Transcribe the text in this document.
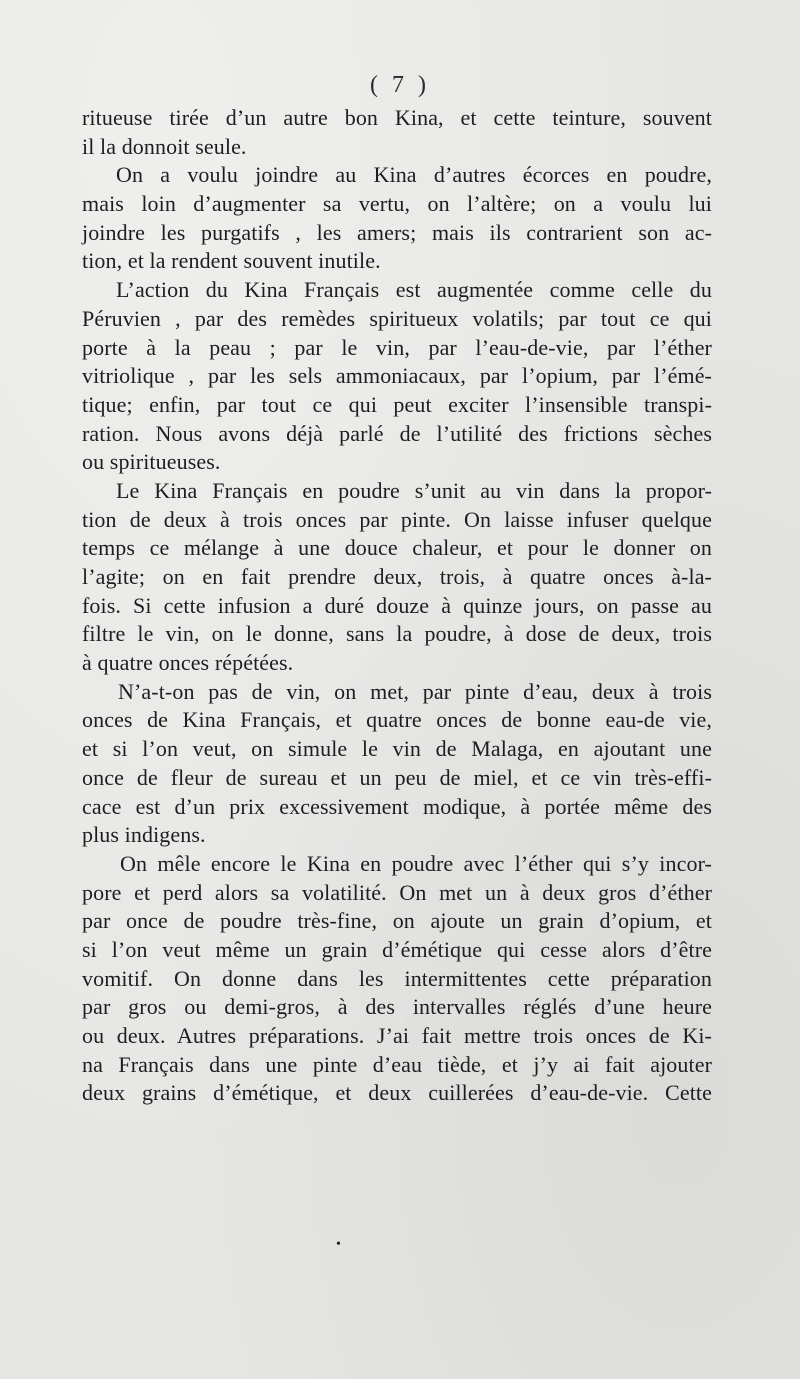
( 7 )
ritueuse tirée d’un autre bon Kina, et cette teinture, souvent
il la donnoit seule.
On a voulu joindre au Kina d’autres écorces en poudre,
mais loin d’augmenter sa vertu, on l’altère; on a voulu lui
joindre les purgatifs , les amers; mais ils contrarient son ac-
tion, et la rendent souvent inutile.
L’action du Kina Français est augmentée comme celle du
Péruvien , par des remèdes spiritueux volatils; par tout ce qui
porte à la peau ; par le vin, par l’eau-de-vie, par l’éther
vitriolique , par les sels ammoniacaux, par l’opium, par l’émé-
tique; enfin, par tout ce qui peut exciter l’insensible transpi-
ration. Nous avons déjà parlé de l’utilité des frictions sèches
ou spiritueuses.
Le Kina Français en poudre s’unit au vin dans la propor-
tion de deux à trois onces par pinte. On laisse infuser quelque
temps ce mélange à une douce chaleur, et pour le donner on
l’agite; on en fait prendre deux, trois, à quatre onces à-la-
fois. Si cette infusion a duré douze à quinze jours, on passe au
filtre le vin, on le donne, sans la poudre, à dose de deux, trois
à quatre onces répétées.
N’a-t-on pas de vin, on met, par pinte d’eau, deux à trois
onces de Kina Français, et quatre onces de bonne eau-de vie,
et si l’on veut, on simule le vin de Malaga, en ajoutant une
once de fleur de sureau et un peu de miel, et ce vin très-effi-
cace est d’un prix excessivement modique, à portée même des
plus indigens.
On mêle encore le Kina en poudre avec l’éther qui s’y incor-
pore et perd alors sa volatilité. On met un à deux gros d’éther
par once de poudre très-fine, on ajoute un grain d’opium, et
si l’on veut même un grain d’émétique qui cesse alors d’être
vomitif. On donne dans les intermittentes cette préparation
par gros ou demi-gros, à des intervalles réglés d’une heure
ou deux. Autres préparations. J’ai fait mettre trois onces de Ki-
na Français dans une pinte d’eau tiède, et j’y ai fait ajouter
deux grains d’émétique, et deux cuillerées d’eau-de-vie. Cette
•
